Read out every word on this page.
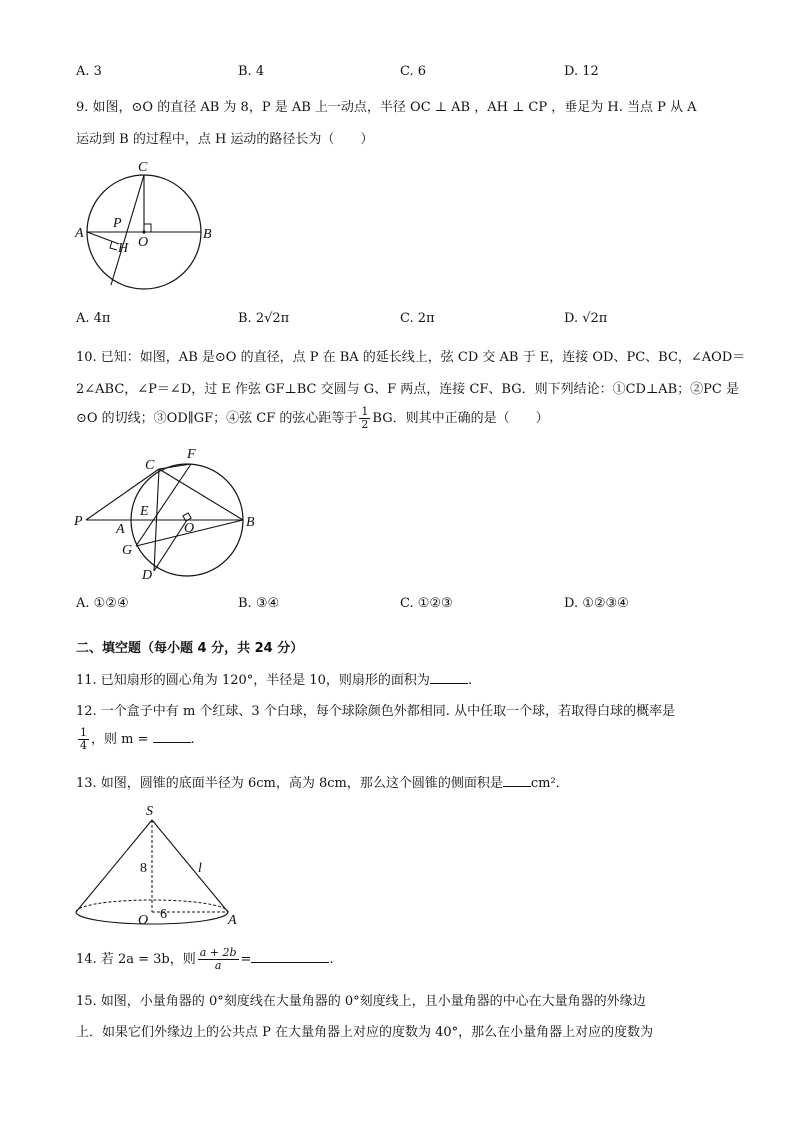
A. 3	B. 4	C. 6	D. 12
9. 如图，⊙O 的直径 AB 为 8，P 是 AB 上一动点，半径 OC ⊥ AB ，AH ⊥ CP ，垂足为 H. 当点 P 从 A
运动到 B 的过程中，点 H 运动的路径长为（　　）
C
A	B
O
P
H
A. 4π	B. 2√2π	C. 2π	D. √2π
10. 已知：如图，AB 是⊙O 的直径，点 P 在 BA 的延长线上，弦 CD 交 AB 于 E，连接 OD、PC、BC，∠AOD＝
2∠ABC，∠P＝∠D，过 E 作弦 GF⊥BC 交圆与 G、F 两点，连接 CF、BG．则下列结论：①CD⊥AB；②PC 是
⊙O 的切线；③OD∥GF；④弦 CF 的弦心距等于 $\frac{1}{2}$ BG．则其中正确的是（　　）
C
F
P
A
E
O	B
G
D
A. ①②④	B. ③④	C. ①②③	D. ①②③④
二、填空题（每小题 4 分，共 24 分）
11. 已知扇形的圆心角为 120°，半径是 10，则扇形的面积为	.
12. 一个盒子中有 m 个红球、3 个白球，每个球除颜色外都相同. 从中任取一个球，若取得白球的概率是
$\frac{1}{4}$ ，则 m =	.
13. 如图，圆锥的底面半径为 6cm，高为 8cm，那么这个圆锥的侧面积是 cm²．
S
8	l
O 6	A
14. 若 2a = 3b，则 $\frac{a + 2b}{a}$ =	.
15. 如图，小量角器的 0°刻度线在大量角器的 0°刻度线上，且小量角器的中心在大量角器的外缘边
上．如果它们外缘边上的公共点 P 在大量角器上对应的度数为 40°，那么在小量角器上对应的度数为
